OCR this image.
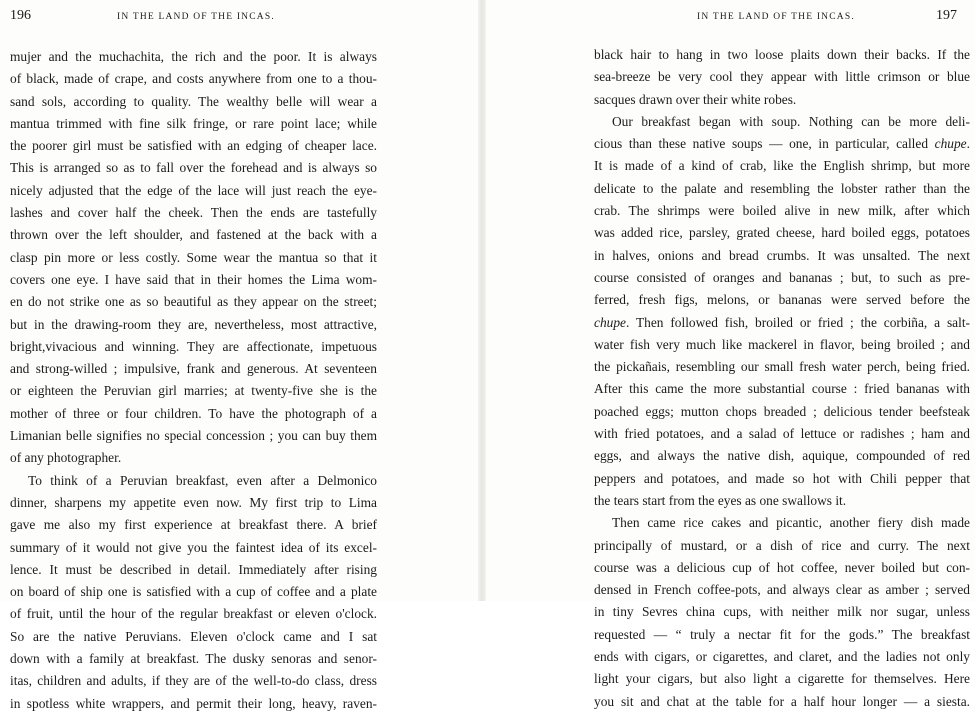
196	IN THE LAND OF THE INCAS.
mujer and the muchachita, the rich and the poor. It is always
of black, made of crape, and costs anywhere from one to a thou-
sand sols, according to quality. The wealthy belle will wear a
mantua trimmed with fine silk fringe, or rare point lace; while
the poorer girl must be satisfied with an edging of cheaper lace.
This is arranged so as to fall over the forehead and is always so
nicely adjusted that the edge of the lace will just reach the eye-
lashes and cover half the cheek. Then the ends are tastefully
thrown over the left shoulder, and fastened at the back with a
clasp pin more or less costly. Some wear the mantua so that it
covers one eye. I have said that in their homes the Lima wom-
en do not strike one as so beautiful as they appear on the street;
but in the drawing-room they are, nevertheless, most attractive,
bright,vivacious and winning. They are affectionate, impetuous
and strong-willed ; impulsive, frank and generous. At seventeen
or eighteen the Peruvian girl marries; at twenty-five she is the
mother of three or four children. To have the photograph of a
Limanian belle signifies no special concession ; you can buy them
of any photographer.
To think of a Peruvian breakfast, even after a Delmonico
dinner, sharpens my appetite even now. My first trip to Lima
gave me also my first experience at breakfast there. A brief
summary of it would not give you the faintest idea of its excel-
lence. It must be described in detail. Immediately after rising
on board of ship one is satisfied with a cup of coffee and a plate
of fruit, until the hour of the regular breakfast or eleven o'clock.
So are the native Peruvians. Eleven o'clock came and I sat
down with a family at breakfast. The dusky senoras and senor-
itas, children and adults, if they are of the well-to-do class, dress
in spotless white wrappers, and permit their long, heavy, raven-
IN THE LAND OF THE INCAS.	197
black hair to hang in two loose plaits down their backs. If the
sea-breeze be very cool they appear with little crimson or blue
sacques drawn over their white robes.
Our breakfast began with soup. Nothing can be more deli-
cious than these native soups — one, in particular, called chupe.
It is made of a kind of crab, like the English shrimp, but more
delicate to the palate and resembling the lobster rather than the
crab. The shrimps were boiled alive in new milk, after which
was added rice, parsley, grated cheese, hard boiled eggs, potatoes
in halves, onions and bread crumbs. It was unsalted. The next
course consisted of oranges and bananas ; but, to such as pre-
ferred, fresh figs, melons, or bananas were served before the
chupe. Then followed fish, broiled or fried ; the corbiña, a salt-
water fish very much like mackerel in flavor, being broiled ; and
the pickañais, resembling our small fresh water perch, being fried.
After this came the more substantial course : fried bananas with
poached eggs; mutton chops breaded ; delicious tender beefsteak
with fried potatoes, and a salad of lettuce or radishes ; ham and
eggs, and always the native dish, aquique, compounded of red
peppers and potatoes, and made so hot with Chili pepper that
the tears start from the eyes as one swallows it.
Then came rice cakes and picantic, another fiery dish made
principally of mustard, or a dish of rice and curry. The next
course was a delicious cup of hot coffee, never boiled but con-
densed in French coffee-pots, and always clear as amber ; served
in tiny Sevres china cups, with neither milk nor sugar, unless
requested — “ truly a nectar fit for the gods.” The breakfast
ends with cigars, or cigarettes, and claret, and the ladies not only
light your cigars, but also light a cigarette for themselves. Here
you sit and chat at the table for a half hour longer — a siesta.
